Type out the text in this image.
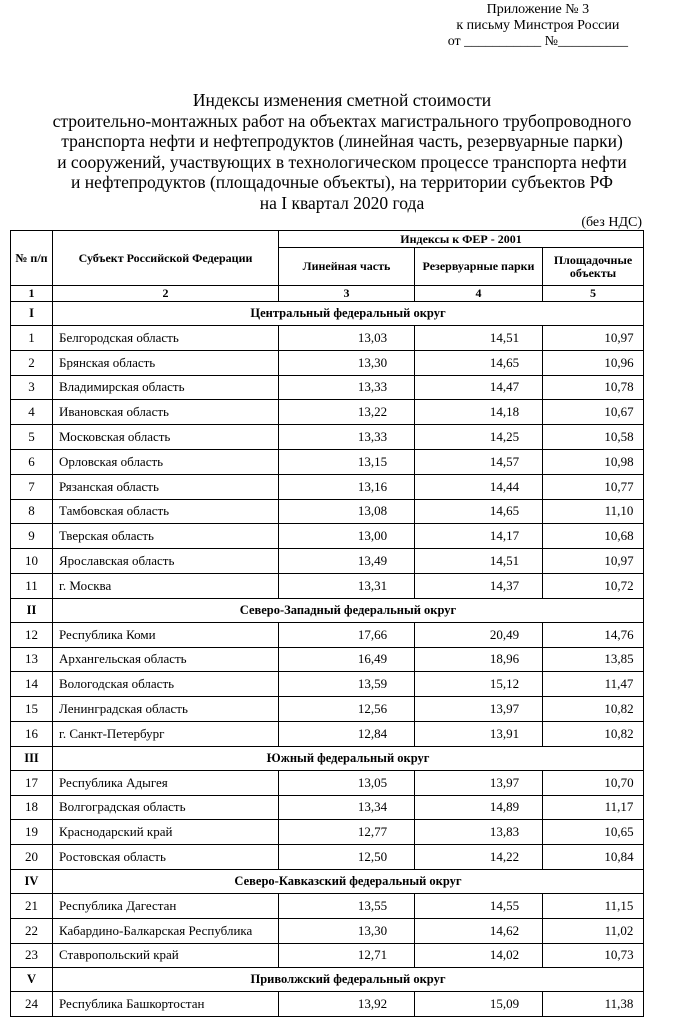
Приложение № 3
к письму Минстроя России
от ___________ №__________
Индексы изменения сметной стоимости
строительно-монтажных работ на объектах магистрального трубопроводного
транспорта нефти и нефтепродуктов (линейная часть, резервуарные парки)
и сооружений, участвующих в технологическом процессе транспорта нефти
и нефтепродуктов (площадочные объекты), на территории субъектов РФ
на I квартал 2020 года
(без НДС)
№ п/п	Субъект Российской Федерации	Индексы к ФЕР - 2001		
		Линейная часть	Резервуарные парки	Площадочные объекты
1	2	3	4	5
I	Центральный федеральный округ			
1	Белгородская область	13,03	14,51	10,97
2	Брянская область	13,30	14,65	10,96
3	Владимирская область	13,33	14,47	10,78
4	Ивановская область	13,22	14,18	10,67
5	Московская область	13,33	14,25	10,58
6	Орловская область	13,15	14,57	10,98
7	Рязанская область	13,16	14,44	10,77
8	Тамбовская область	13,08	14,65	11,10
9	Тверская область	13,00	14,17	10,68
10	Ярославская область	13,49	14,51	10,97
11	г. Москва	13,31	14,37	10,72
II	Северо-Западный федеральный округ			
12	Республика Коми	17,66	20,49	14,76
13	Архангельская область	16,49	18,96	13,85
14	Вологодская область	13,59	15,12	11,47
15	Ленинградская область	12,56	13,97	10,82
16	г. Санкт-Петербург	12,84	13,91	10,82
III	Южный федеральный округ			
17	Республика Адыгея	13,05	13,97	10,70
18	Волгоградская область	13,34	14,89	11,17
19	Краснодарский край	12,77	13,83	10,65
20	Ростовская область	12,50	14,22	10,84
IV	Северо-Кавказский федеральный округ			
21	Республика Дагестан	13,55	14,55	11,15
22	Кабардино-Балкарская Республика	13,30	14,62	11,02
23	Ставропольский край	12,71	14,02	10,73
V	Приволжский федеральный округ			
24	Республика Башкортостан	13,92	15,09	11,38
